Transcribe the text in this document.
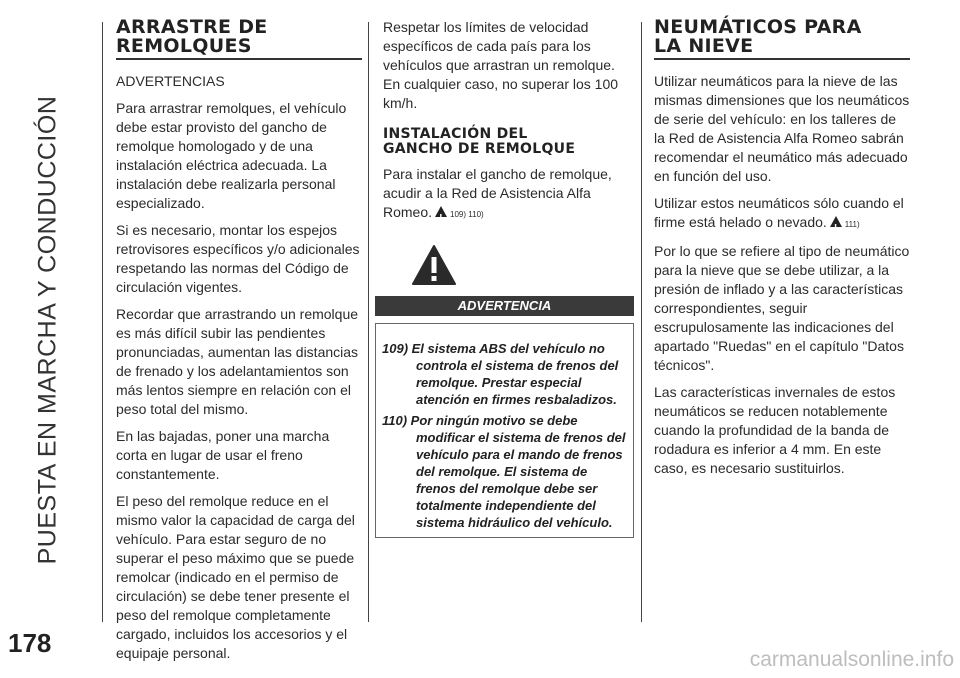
PUESTA EN MARCHA Y CONDUCCIÓN
178
carmanualsonline.info
ARRASTRE DE
REMOLQUES

ADVERTENCIAS

Para arrastrar remolques, el vehículo debe estar provisto del gancho de remolque homologado y de una instalación eléctrica adecuada. La instalación debe realizarla personal especializado.

Si es necesario, montar los espejos retrovisores específicos y/o adicionales respetando las normas del Código de circulación vigentes.

Recordar que arrastrando un remolque es más difícil subir las pendientes pronunciadas, aumentan las distancias de frenado y los adelantamientos son más lentos siempre en relación con el peso total del mismo.

En las bajadas, poner una marcha corta en lugar de usar el freno constantemente.

El peso del remolque reduce en el mismo valor la capacidad de carga del vehículo. Para estar seguro de no superar el peso máximo que se puede remolcar (indicado en el permiso de circulación) se debe tener presente el peso del remolque completamente cargado, incluidos los accesorios y el equipaje personal.

Respetar los límites de velocidad específicos de cada país para los vehículos que arrastran un remolque. En cualquier caso, no superar los 100 km/h.

INSTALACIÓN DEL
GANCHO DE REMOLQUE

Para instalar el gancho de remolque, acudir a la Red de Asistencia Alfa Romeo. ! 109) 110)

ADVERTENCIA

109) El sistema ABS del vehículo no controla el sistema de frenos del remolque. Prestar especial atención en firmes resbaladizos.

110) Por ningún motivo se debe modificar el sistema de frenos del vehículo para el mando de frenos del remolque. El sistema de frenos del remolque debe ser totalmente independiente del sistema hidráulico del vehículo.

NEUMÁTICOS PARA
LA NIEVE

Utilizar neumáticos para la nieve de las mismas dimensiones que los neumáticos de serie del vehículo: en los talleres de la Red de Asistencia Alfa Romeo sabrán recomendar el neumático más adecuado en función del uso.

Utilizar estos neumáticos sólo cuando el firme está helado o nevado. ! 111)

Por lo que se refiere al tipo de neumático para la nieve que se debe utilizar, a la presión de inflado y a las características correspondientes, seguir escrupulosamente las indicaciones del apartado "Ruedas" en el capítulo "Datos técnicos".

Las características invernales de estos neumáticos se reducen notablemente cuando la profundidad de la banda de rodadura es inferior a 4 mm. En este caso, es necesario sustituirlos.
